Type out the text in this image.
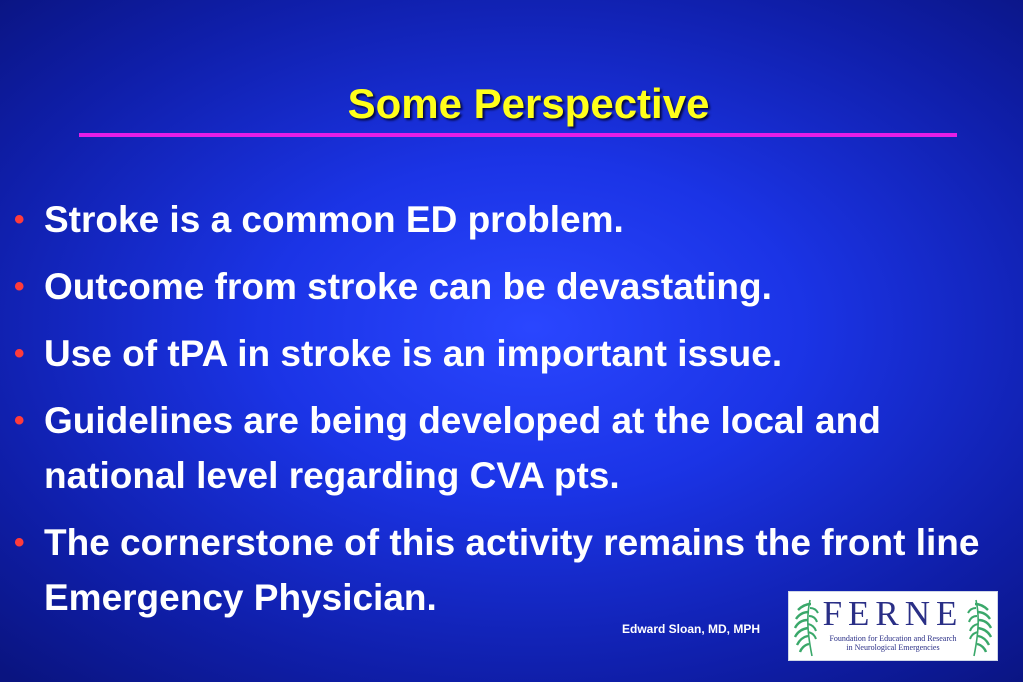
Some Perspective
• Stroke is a common ED problem.
• Outcome from stroke can be devastating.
• Use of tPA in stroke is an important issue.
• Guidelines are being developed at the local and national level regarding CVA pts.
• The cornerstone of this activity remains the front line Emergency Physician.
Edward Sloan, MD, MPH FERNE
Foundation for Education and Research
in Neurological Emergencies
